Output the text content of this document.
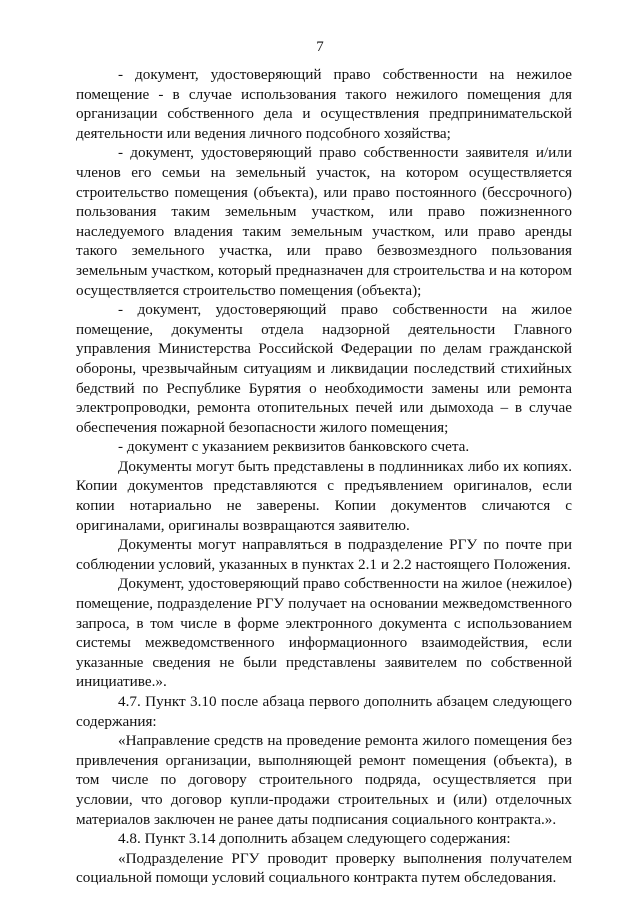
7

- документ, удостоверяющий право собственности на нежилое помещение - в случае использования такого нежилого помещения для организации собственного дела и осуществления предпринимательской деятельности или ведения личного подсобного хозяйства;

- документ, удостоверяющий право собственности заявителя и/или членов его семьи на земельный участок, на котором осуществляется строительство помещения (объекта), или право постоянного (бессрочного) пользования таким земельным участком, или право пожизненного наследуемого владения таким земельным участком, или право аренды такого земельного участка, или право безвозмездного пользования земельным участком, который предназначен для строительства и на котором осуществляется строительство помещения (объекта);

- документ, удостоверяющий право собственности на жилое помещение, документы отдела надзорной деятельности Главного управления Министерства Российской Федерации по делам гражданской обороны, чрезвычайным ситуациям и ликвидации последствий стихийных бедствий по Республике Бурятия о необходимости замены или ремонта электропроводки, ремонта отопительных печей или дымохода – в случае обеспечения пожарной безопасности жилого помещения;

- документ с указанием реквизитов банковского счета.

Документы могут быть представлены в подлинниках либо их копиях. Копии документов представляются с предъявлением оригиналов, если копии нотариально не заверены. Копии документов сличаются с оригиналами, оригиналы возвращаются заявителю.

Документы могут направляться в подразделение РГУ по почте при соблюдении условий, указанных в пунктах 2.1 и 2.2 настоящего Положения.

Документ, удостоверяющий право собственности на жилое (нежилое) помещение, подразделение РГУ получает на основании межведомственного запроса, в том числе в форме электронного документа с использованием системы межведомственного информационного взаимодействия, если указанные сведения не были представлены заявителем по собственной инициативе.».

4.7. Пункт 3.10 после абзаца первого дополнить абзацем следующего содержания:

«Направление средств на проведение ремонта жилого помещения без привлечения организации, выполняющей ремонт помещения (объекта), в том числе по договору строительного подряда, осуществляется при условии, что договор купли-продажи строительных и (или) отделочных материалов заключен не ранее даты подписания социального контракта.».

4.8. Пункт 3.14 дополнить абзацем следующего содержания:

«Подразделение РГУ проводит проверку выполнения получателем социальной помощи условий социального контракта путем обследования.
